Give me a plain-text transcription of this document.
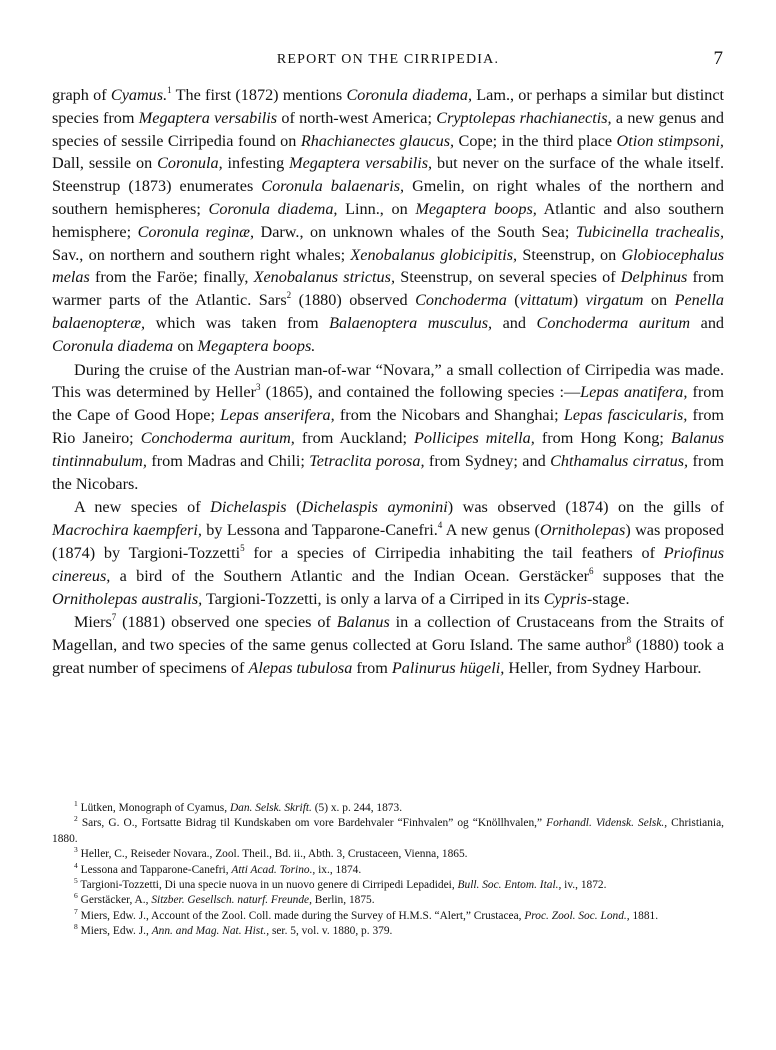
REPORT ON THE CIRRIPEDIA.	7

graph of Cyamus.$^1$ The first (1872) mentions Coronula diadema, Lam., or perhaps a similar but distinct species from Megaptera versabilis of north-west America; Cryptolepas rhachianectis, a new genus and species of sessile Cirripedia found on Rhachianectes glaucus, Cope; in the third place Otion stimpsoni, Dall, sessile on Coronula, infesting Megaptera versabilis, but never on the surface of the whale itself. Steenstrup (1873) enumerates Coronula balaenaris, Gmelin, on right whales of the northern and southern hemispheres; Coronula diadema, Linn., on Megaptera boops, Atlantic and also southern hemisphere; Coronula reginæ, Darw., on unknown whales of the South Sea; Tubicinella trachealis, Sav., on northern and southern right whales; Xenobalanus globicipitis, Steenstrup, on Globiocephalus melas from the Faröe; finally, Xenobalanus strictus, Steenstrup, on several species of Delphinus from warmer parts of the Atlantic. Sars$^2$ (1880) observed Conchoderma (vittatum) virgatum on Penella balaenopteræ, which was taken from Balaenoptera musculus, and Conchoderma auritum and Coronula diadema on Megaptera boops.

During the cruise of the Austrian man-of-war “Novara,” a small collection of Cirripedia was made. This was determined by Heller$^3$ (1865), and contained the following species :—Lepas anatifera, from the Cape of Good Hope; Lepas anserifera, from the Nicobars and Shanghai; Lepas fascicularis, from Rio Janeiro; Conchoderma auritum, from Auckland; Pollicipes mitella, from Hong Kong; Balanus tintinnabulum, from Madras and Chili; Tetraclita porosa, from Sydney; and Chthamalus cirratus, from the Nicobars.

A new species of Dichelaspis (Dichelaspis aymonini) was observed (1874) on the gills of Macrochira kaempferi, by Lessona and Tapparone-Canefri.$^4$ A new genus (Ornitholepas) was proposed (1874) by Targioni-Tozzetti$^5$ for a species of Cirripedia inhabiting the tail feathers of Priofinus cinereus, a bird of the Southern Atlantic and the Indian Ocean. Gerstäcker$^6$ supposes that the Ornitholepas australis, Targioni-Tozzetti, is only a larva of a Cirriped in its Cypris-stage.

Miers$^7$ (1881) observed one species of Balanus in a collection of Crustaceans from the Straits of Magellan, and two species of the same genus collected at Goru Island. The same author$^8$ (1880) took a great number of specimens of Alepas tubulosa from Palinurus hügeli, Heller, from Sydney Harbour.

$^1$ Lütken, Monograph of Cyamus, Dan. Selsk. Skrift. (5) x. p. 244, 1873.

$^2$ Sars, G. O., Fortsatte Bidrag til Kundskaben om vore Bardehvaler “Finhvalen” og “Knöllhvalen,” Forhandl. Vidensk. Selsk., Christiania, 1880.

$^3$ Heller, C., Reiseder Novara., Zool. Theil., Bd. ii., Abth. 3, Crustaceen, Vienna, 1865.

$^4$ Lessona and Tapparone-Canefri, Atti Acad. Torino., ix., 1874.

$^5$ Targioni-Tozzetti, Di una specie nuova in un nuovo genere di Cirripedi Lepadidei, Bull. Soc. Entom. Ital., iv., 1872.

$^6$ Gerstäcker, A., Sitzber. Gesellsch. naturf. Freunde, Berlin, 1875.

$^7$ Miers, Edw. J., Account of the Zool. Coll. made during the Survey of H.M.S. “Alert,” Crustacea, Proc. Zool. Soc. Lond., 1881.

$^8$ Miers, Edw. J., Ann. and Mag. Nat. Hist., ser. 5, vol. v. 1880, p. 379.
